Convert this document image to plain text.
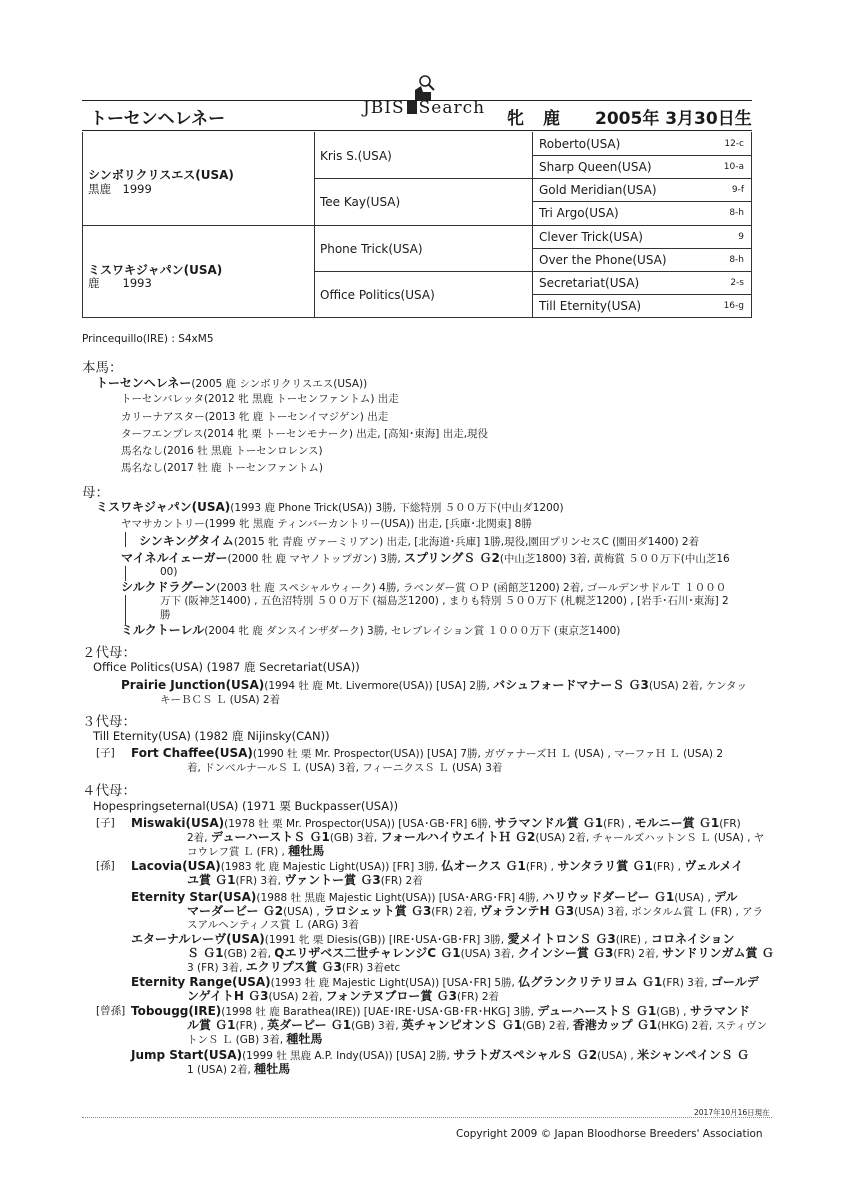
JBIS Search
トーセンヘレネー	牝 鹿 2005年 3月30日生
シンボリクリスエス(USA)
黒鹿　1999
ミスワキジャパン(USA)
鹿　　1993
Kris S.(USA)
Tee Kay(USA)
Phone Trick(USA)
Office Politics(USA)
Roberto(USA)
Sharp Queen(USA)
Gold Meridian(USA)
Tri Argo(USA)
Clever Trick(USA)
Over the Phone(USA)
Secretariat(USA)
Till Eternity(USA)
12-c
10-a
9-f
8-h
9
8-h
2-s
16-g
Princequillo(IRE) : S4xM5
本馬：
トーセンヘレネー(2005 鹿 シンボリクリスエス(USA))
トーセンバレッタ(2012 牝 黒鹿 トーセンファントム) 出走
カリーナアスター(2013 牝 鹿 トーセンイマジゲン) 出走
ターフエンプレス(2014 牝 栗 トーセンモナーク) 出走, [高知･東海] 出走,現役
馬名なし(2016 牡 黒鹿 トーセンロレンス)
馬名なし(2017 牡 鹿 トーセンファントム)
母：
ミスワキジャパン(USA)(1993 鹿 Phone Trick(USA)) 3勝, 下総特別 ５００万下(中山ダ1200)
ヤマサカントリー(1999 牝 黒鹿 ティンバーカントリー(USA)) 出走, [兵庫･北関東] 8勝
シンキングタイム(2015 牝 青鹿 ヴァーミリアン) 出走, [北海道･兵庫] 1勝,現役,園田プリンセスC (園田ダ1400) 2着
マイネルイェーガー(2000 牡 鹿 マヤノトップガン) 3勝, スプリングＳ Ｇ2(中山芝1800) 3着, 黄梅賞 ５００万下(中山芝16
00)
シルクドラグーン(2003 牡 鹿 スペシャルウィーク) 4勝, ラベンダー賞 ＯＰ (函館芝1200) 2着, ゴールデンサドルＴ １０００
万下 (阪神芝1400) , 五色沼特別 ５００万下 (福島芝1200) , まりも特別 ５００万下 (札幌芝1200) , [岩手･石川･東海] 2
勝
ミルクトーレル(2004 牝 鹿 ダンスインザダーク) 3勝, セレブレイション賞 １０００万下 (東京芝1400)
２代母：
Office Politics(USA) (1987 鹿 Secretariat(USA))
Prairie Junction(USA)(1994 牡 鹿 Mt. Livermore(USA)) [USA] 2勝, バシュフォードマナーＳ Ｇ3(USA) 2着, ケンタッ
キーＢＣＳ Ｌ (USA) 2着
３代母：
Till Eternity(USA) (1982 鹿 Nijinsky(CAN))
[子] Fort Chaffee(USA)(1990 牡 栗 Mr. Prospector(USA)) [USA] 7勝, ガヴァナーズＨ Ｌ (USA) , マーファＨ Ｌ (USA) 2
着, ドンベルナールＳ Ｌ (USA) 3着, フィーニクスＳ Ｌ (USA) 3着
４代母：
Hopespringseternal(USA) (1971 栗 Buckpasser(USA))
[子] Miswaki(USA)(1978 牡 栗 Mr. Prospector(USA)) [USA･GB･FR] 6勝, サラマンドル賞 Ｇ1(FR) , モルニー賞 Ｇ1(FR)
2着, デューハーストＳ Ｇ1(GB) 3着, フォールハイウエイトＨ Ｇ2(USA) 2着, チャールズハットンＳ Ｌ (USA) , ヤ
コウレフ賞 Ｌ (FR) , 種牡馬
[孫] Lacovia(USA)(1983 牝 鹿 Majestic Light(USA)) [FR] 3勝, 仏オークス Ｇ1(FR) , サンタラリ賞 Ｇ1(FR) , ヴェルメイ
ユ賞 Ｇ1(FR) 3着, ヴァントー賞 Ｇ3(FR) 2着
Eternity Star(USA)(1988 牡 黒鹿 Majestic Light(USA)) [USA･ARG･FR] 4勝, ハリウッドダービー Ｇ1(USA) , デル
マーダービー Ｇ2(USA) , ラロシェット賞 Ｇ3(FR) 2着, ヴォランテH Ｇ3(USA) 3着, ボンタルム賞 Ｌ (FR) , アラ
スアルヘンティノス賞 Ｌ (ARG) 3着
エターナルレーヴ(USA)(1991 牝 栗 Diesis(GB)) [IRE･USA･GB･FR] 3勝, 愛メイトロンＳ Ｇ3(IRE) , コロネイション
Ｓ Ｇ1(GB) 2着, Qエリザベス二世チャレンジC Ｇ1(USA) 3着, クインシー賞 Ｇ3(FR) 2着, サンドリンガム賞 Ｇ
3 (FR) 3着, エクリプス賞 Ｇ3(FR) 3着etc
Eternity Range(USA)(1993 牡 鹿 Majestic Light(USA)) [USA･FR] 5勝, 仏グランクリテリヨム Ｇ1(FR) 3着, ゴールデ
ンゲイトH Ｇ3(USA) 2着, フォンテヌブロー賞 Ｇ3(FR) 2着
[曾孫] Tobougg(IRE)(1998 牡 鹿 Barathea(IRE)) [UAE･IRE･USA･GB･FR･HKG] 3勝, デューハーストＳ Ｇ1(GB) , サラマンド
ル賞 Ｇ1(FR) , 英ダービー Ｇ1(GB) 3着, 英チャンピオンＳ Ｇ1(GB) 2着, 香港カップ Ｇ1(HKG) 2着, スティヴン
トンＳ Ｌ (GB) 3着, 種牡馬
Jump Start(USA)(1999 牡 黒鹿 A.P. Indy(USA)) [USA] 2勝, サラトガスペシャルＳ Ｇ2(USA) , 米シャンペインＳ Ｇ
1 (USA) 2着, 種牡馬
2017年10月16日現在
Copyright 2009 © Japan Bloodhorse Breeders' Association
